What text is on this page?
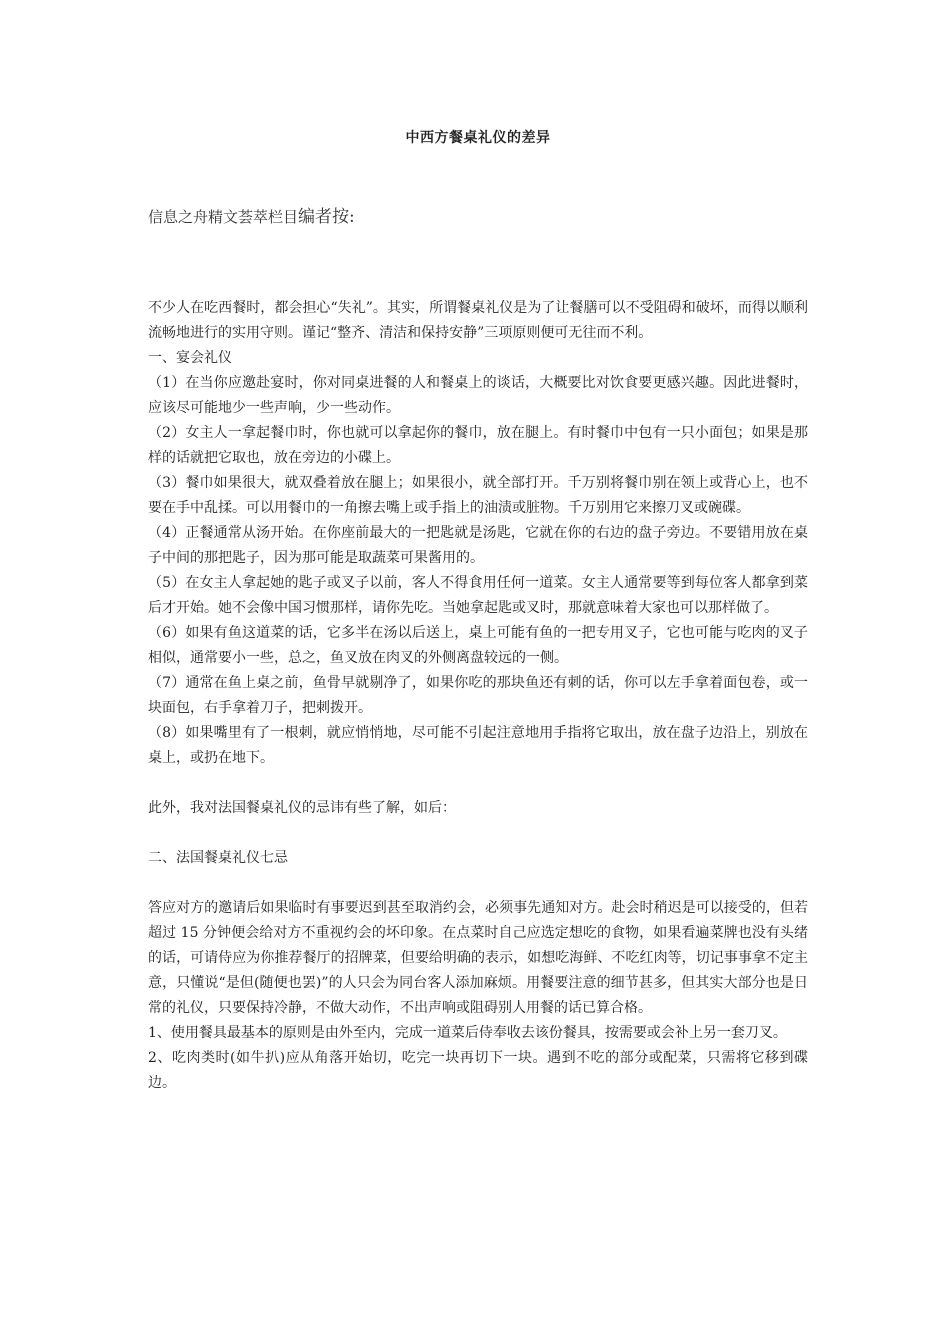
中西方餐桌礼仪的差异

信息之舟精文荟萃栏目编者按:

不少人在吃西餐时，都会担心“失礼”。其实，所谓餐桌礼仪是为了让餐膳可以不受阻碍和破坏，而得以顺利流畅地进行的实用守则。谨记“整齐、清洁和保持安静”三项原则便可无往而不利。

一、宴会礼仪

（1）在当你应邀赴宴时，你对同桌进餐的人和餐桌上的谈话，大概要比对饮食要更感兴趣。因此进餐时，应该尽可能地少一些声响，少一些动作。

（2）女主人一拿起餐巾时，你也就可以拿起你的餐巾，放在腿上。有时餐巾中包有一只小面包；如果是那样的话就把它取也，放在旁边的小碟上。

（3）餐巾如果很大，就双叠着放在腿上；如果很小，就全部打开。千万别将餐巾别在领上或背心上，也不要在手中乱揉。可以用餐巾的一角擦去嘴上或手指上的油渍或脏物。千万别用它来擦刀叉或碗碟。

（4）正餐通常从汤开始。在你座前最大的一把匙就是汤匙，它就在你的右边的盘子旁边。不要错用放在桌子中间的那把匙子，因为那可能是取蔬菜可果酱用的。

（5）在女主人拿起她的匙子或叉子以前，客人不得食用任何一道菜。女主人通常要等到每位客人都拿到菜后才开始。她不会像中国习惯那样，请你先吃。当她拿起匙或叉时，那就意味着大家也可以那样做了。

（6）如果有鱼这道菜的话，它多半在汤以后送上，桌上可能有鱼的一把专用叉子，它也可能与吃肉的叉子相似，通常要小一些，总之，鱼叉放在肉叉的外侧离盘较远的一侧。

（7）通常在鱼上桌之前，鱼骨早就剔净了，如果你吃的那块鱼还有刺的话，你可以左手拿着面包卷，或一块面包，右手拿着刀子，把刺拨开。

（8）如果嘴里有了一根刺，就应悄悄地，尽可能不引起注意地用手指将它取出，放在盘子边沿上，别放在桌上，或扔在地下。

此外，我对法国餐桌礼仪的忌讳有些了解，如后：

二、法国餐桌礼仪七忌

答应对方的邀请后如果临时有事要迟到甚至取消约会，必须事先通知对方。赴会时稍迟是可以接受的，但若超过 15 分钟便会给对方不重视约会的坏印象。在点菜时自己应选定想吃的食物，如果看遍菜牌也没有头绪的话，可请侍应为你推荐餐厅的招牌菜，但要给明确的表示，如想吃海鲜、不吃红肉等，切记事事拿不定主意，只懂说“是但(随便也罢)”的人只会为同台客人添加麻烦。用餐要注意的细节甚多，但其实大部分也是日常的礼仪，只要保持冷静，不做大动作，不出声响或阻碍别人用餐的话已算合格。

1、使用餐具最基本的原则是由外至内，完成一道菜后侍奉收去该份餐具，按需要或会补上另一套刀叉。

2、吃肉类时(如牛扒)应从角落开始切，吃完一块再切下一块。遇到不吃的部分或配菜，只需将它移到碟边。
